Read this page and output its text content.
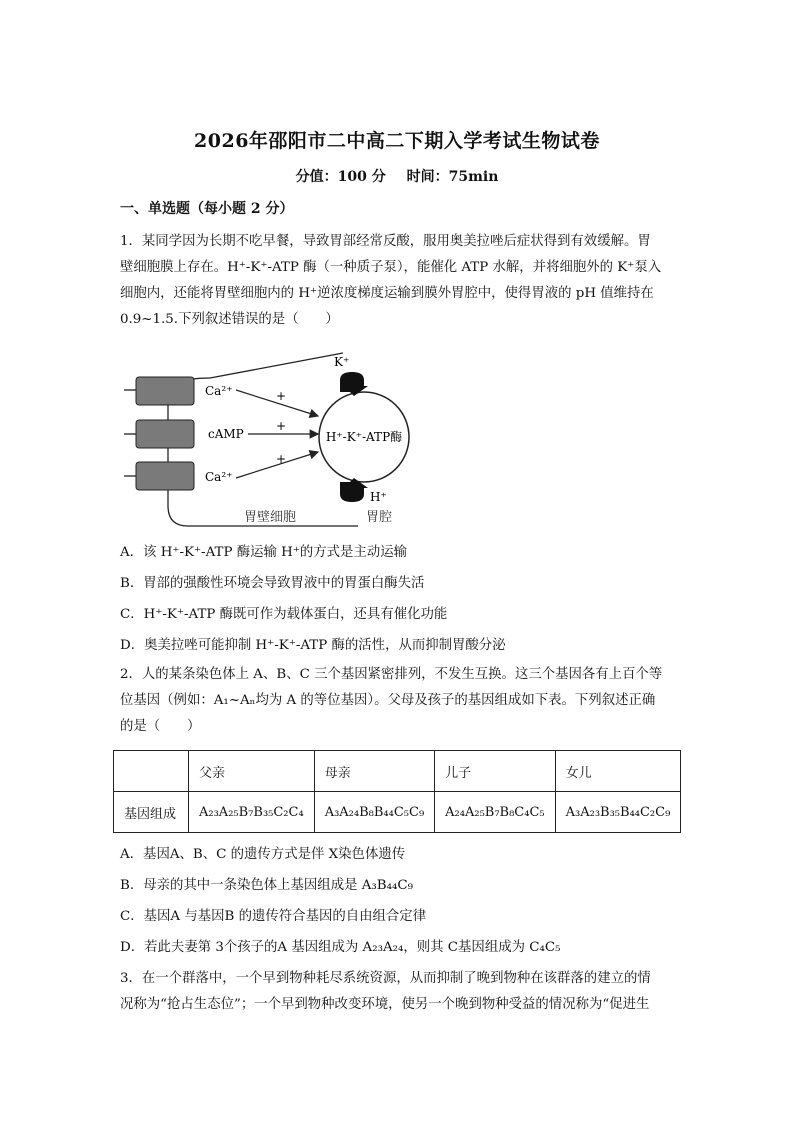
2026年邵阳市二中高二下期入学考试生物试卷
分值：100 分 时间：75min
一、单选题（每小题 2 分）
1．某同学因为长期不吃早餐，导致胃部经常反酸，服用奥美拉唑后症状得到有效缓解。胃
壁细胞膜上存在。H⁺-K⁺-ATP 酶（一种质子泵），能催化 ATP 水解，并将细胞外的 K⁺泵入
细胞内，还能将胃壁细胞内的 H⁺逆浓度梯度运输到膜外胃腔中，使得胃液的 pH 值维持在
0.9~1.5.下列叙述错误的是（　　）
Ca²⁺
cAMP
Ca²⁺
+
+
+
H⁺-K⁺-ATP酶
K⁺
H⁺
胃壁细胞	胃腔
A．该 H⁺-K⁺-ATP 酶运输 H⁺的方式是主动运输
B．胃部的强酸性环境会导致胃液中的胃蛋白酶失活
C．H⁺-K⁺-ATP 酶既可作为载体蛋白，还具有催化功能
D．奥美拉唑可能抑制 H⁺-K⁺-ATP 酶的活性，从而抑制胃酸分泌
2．人的某条染色体上 A、B、C 三个基因紧密排列，不发生互换。这三个基因各有上百个等
位基因（例如：A₁~Aₙ均为 A 的等位基因）。父母及孩子的基因组成如下表。下列叙述正确
的是（　　）
	父亲	母亲	儿子	女儿
基因组成	A₂₃A₂₅B₇B₃₅C₂C₄	A₃A₂₄B₈B₄₄C₅C₉	A₂₄A₂₅B₇B₈C₄C₅	A₃A₂₃B₃₅B₄₄C₂C₉
A．基因A、B、C 的遗传方式是伴 X染色体遗传
B．母亲的其中一条染色体上基因组成是 A₃B₄₄C₉
C．基因A 与基因B 的遗传符合基因的自由组合定律
D．若此夫妻第 3个孩子的A 基因组成为 A₂₃A₂₄，则其 C基因组成为 C₄C₅
3．在一个群落中，一个早到物种耗尽系统资源，从而抑制了晚到物种在该群落的建立的情
况称为“抢占生态位”；一个早到物种改变环境，使另一个晚到物种受益的情况称为“促进生
